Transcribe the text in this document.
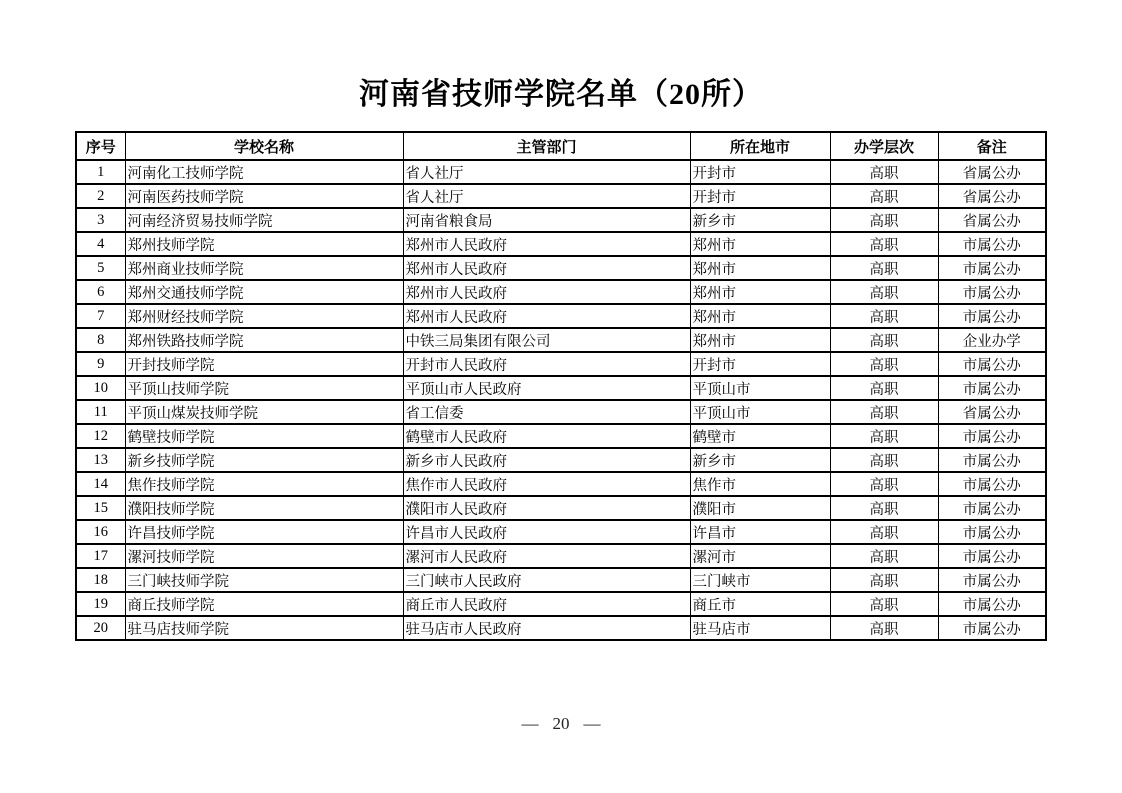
河南省技师学院名单（20所）
序号	学校名称	主管部门	所在地市	办学层次	备注
1	河南化工技师学院	省人社厅	开封市	高职	省属公办
2	河南医药技师学院	省人社厅	开封市	高职	省属公办
3	河南经济贸易技师学院	河南省粮食局	新乡市	高职	省属公办
4	郑州技师学院	郑州市人民政府	郑州市	高职	市属公办
5	郑州商业技师学院	郑州市人民政府	郑州市	高职	市属公办
6	郑州交通技师学院	郑州市人民政府	郑州市	高职	市属公办
7	郑州财经技师学院	郑州市人民政府	郑州市	高职	市属公办
8	郑州铁路技师学院	中铁三局集团有限公司	郑州市	高职	企业办学
9	开封技师学院	开封市人民政府	开封市	高职	市属公办
10	平顶山技师学院	平顶山市人民政府	平顶山市	高职	市属公办
11	平顶山煤炭技师学院	省工信委	平顶山市	高职	省属公办
12	鹤壁技师学院	鹤壁市人民政府	鹤壁市	高职	市属公办
13	新乡技师学院	新乡市人民政府	新乡市	高职	市属公办
14	焦作技师学院	焦作市人民政府	焦作市	高职	市属公办
15	濮阳技师学院	濮阳市人民政府	濮阳市	高职	市属公办
16	许昌技师学院	许昌市人民政府	许昌市	高职	市属公办
17	漯河技师学院	漯河市人民政府	漯河市	高职	市属公办
18	三门峡技师学院	三门峡市人民政府	三门峡市	高职	市属公办
19	商丘技师学院	商丘市人民政府	商丘市	高职	市属公办
20	驻马店技师学院	驻马店市人民政府	驻马店市	高职	市属公办
— 20 —
